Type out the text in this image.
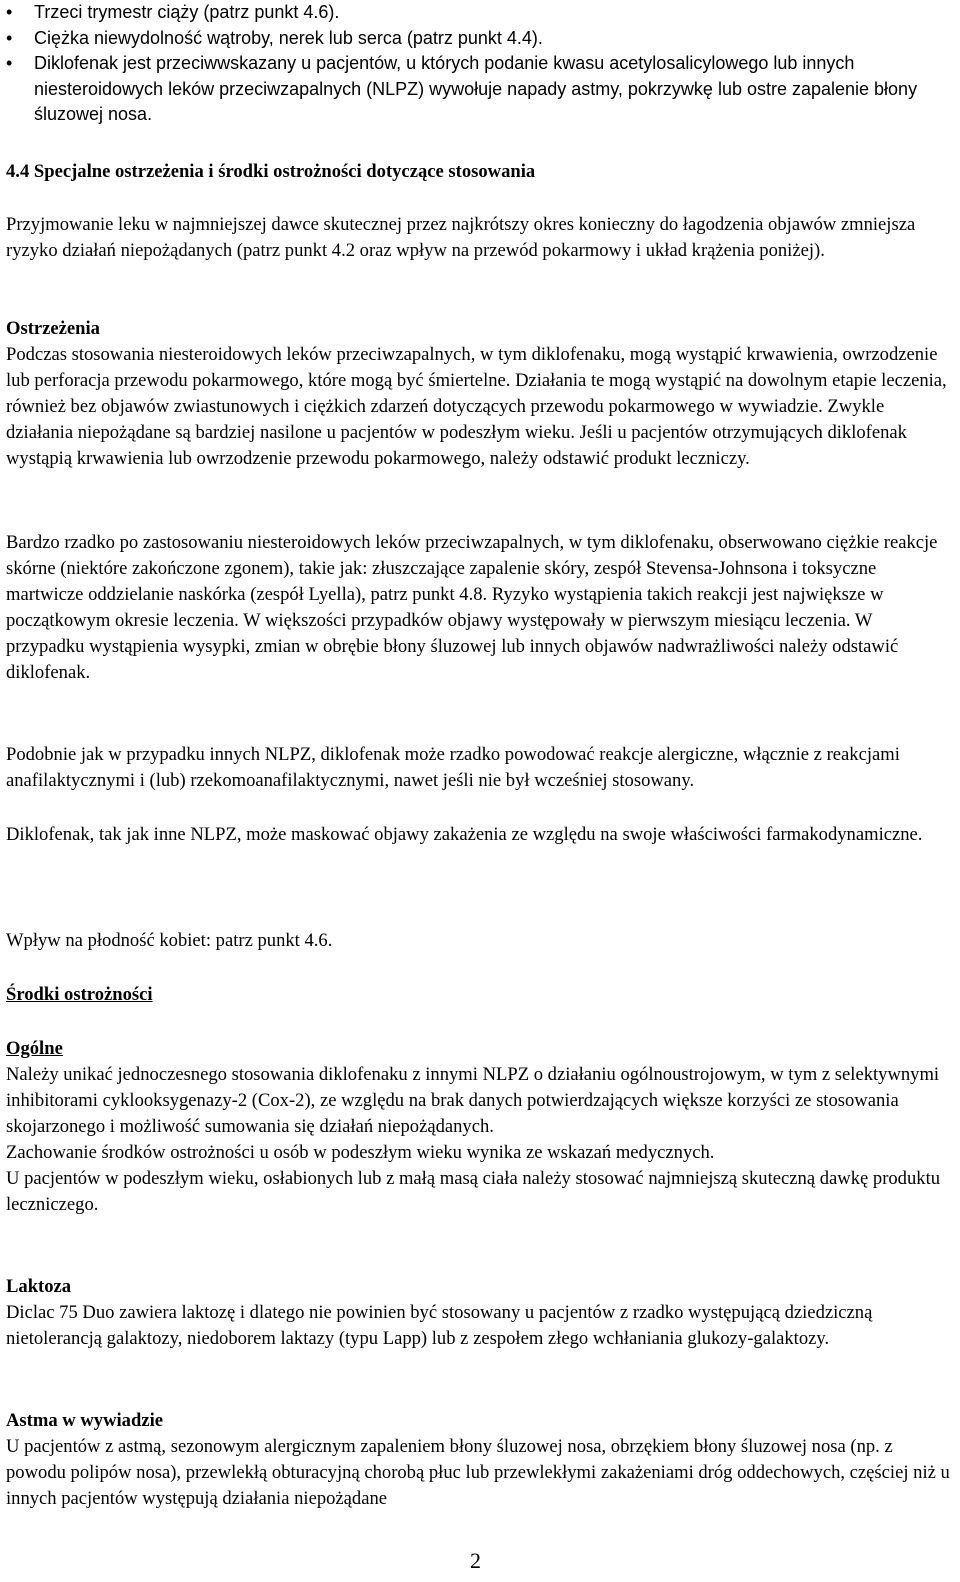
• Trzeci trymestr ciąży (patrz punkt 4.6).
• Ciężka niewydolność wątroby, nerek lub serca (patrz punkt 4.4).
• Diklofenak jest przeciwwskazany u pacjentów, u których podanie kwasu acetylosalicylowego lub innych niesteroidowych leków przeciwzapalnych (NLPZ) wywołuje napady astmy, pokrzywkę lub ostre zapalenie błony śluzowej nosa.
4.4 Specjalne ostrzeżenia i środki ostrożności dotyczące stosowania

Przyjmowanie leku w najmniejszej dawce skutecznej przez najkrótszy okres konieczny do łagodzenia objawów zmniejsza ryzyko działań niepożądanych (patrz punkt 4.2 oraz wpływ na przewód pokarmowy i układ krążenia poniżej).

Ostrzeżenia
Podczas stosowania niesteroidowych leków przeciwzapalnych, w tym diklofenaku, mogą wystąpić krwawienia, owrzodzenie lub perforacja przewodu pokarmowego, które mogą być śmiertelne. Działania te mogą wystąpić na dowolnym etapie leczenia, również bez objawów zwiastunowych i ciężkich zdarzeń dotyczących przewodu pokarmowego w wywiadzie. Zwykle działania niepożądane są bardziej nasilone u pacjentów w podeszłym wieku. Jeśli u pacjentów otrzymujących diklofenak wystąpią krwawienia lub owrzodzenie przewodu pokarmowego, należy odstawić produkt leczniczy.

Bardzo rzadko po zastosowaniu niesteroidowych leków przeciwzapalnych, w tym diklofenaku, obserwowano ciężkie reakcje skórne (niektóre zakończone zgonem), takie jak: złuszczające zapalenie skóry, zespół Stevensa-Johnsona i toksyczne martwicze oddzielanie naskórka (zespół Lyella), patrz punkt 4.8. Ryzyko wystąpienia takich reakcji jest największe w początkowym okresie leczenia. W większości przypadków objawy występowały w pierwszym miesiącu leczenia. W przypadku wystąpienia wysypki, zmian w obrębie błony śluzowej lub innych objawów nadwrażliwości należy odstawić diklofenak.

Podobnie jak w przypadku innych NLPZ, diklofenak może rzadko powodować reakcje alergiczne, włącznie z reakcjami anafilaktycznymi i (lub) rzekomoanafilaktycznymi, nawet jeśli nie był wcześniej stosowany.

Diklofenak, tak jak inne NLPZ, może maskować objawy zakażenia ze względu na swoje właściwości farmakodynamiczne.

Wpływ na płodność kobiet: patrz punkt 4.6.

Środki ostrożności
Ogólne
Należy unikać jednoczesnego stosowania diklofenaku z innymi NLPZ o działaniu ogólnoustrojowym, w tym z selektywnymi inhibitorami cyklooksygenazy-2 (Cox-2), ze względu na brak danych potwierdzających większe korzyści ze stosowania skojarzonego i możliwość sumowania się działań niepożądanych.
Zachowanie środków ostrożności u osób w podeszłym wieku wynika ze wskazań medycznych.
U pacjentów w podeszłym wieku, osłabionych lub z małą masą ciała należy stosować najmniejszą skuteczną dawkę produktu leczniczego.
Laktoza
Diclac 75 Duo zawiera laktozę i dlatego nie powinien być stosowany u pacjentów z rzadko występującą dziedziczną nietolerancją galaktozy, niedoborem laktazy (typu Lapp) lub z zespołem złego wchłaniania glukozy-galaktozy.
Astma w wywiadzie
U pacjentów z astmą, sezonowym alergicznym zapaleniem błony śluzowej nosa, obrzękiem błony śluzowej nosa (np. z powodu polipów nosa), przewlekłą obturacyjną chorobą płuc lub przewlekłymi zakażeniami dróg oddechowych, częściej niż u innych pacjentów występują działania niepożądane
2
